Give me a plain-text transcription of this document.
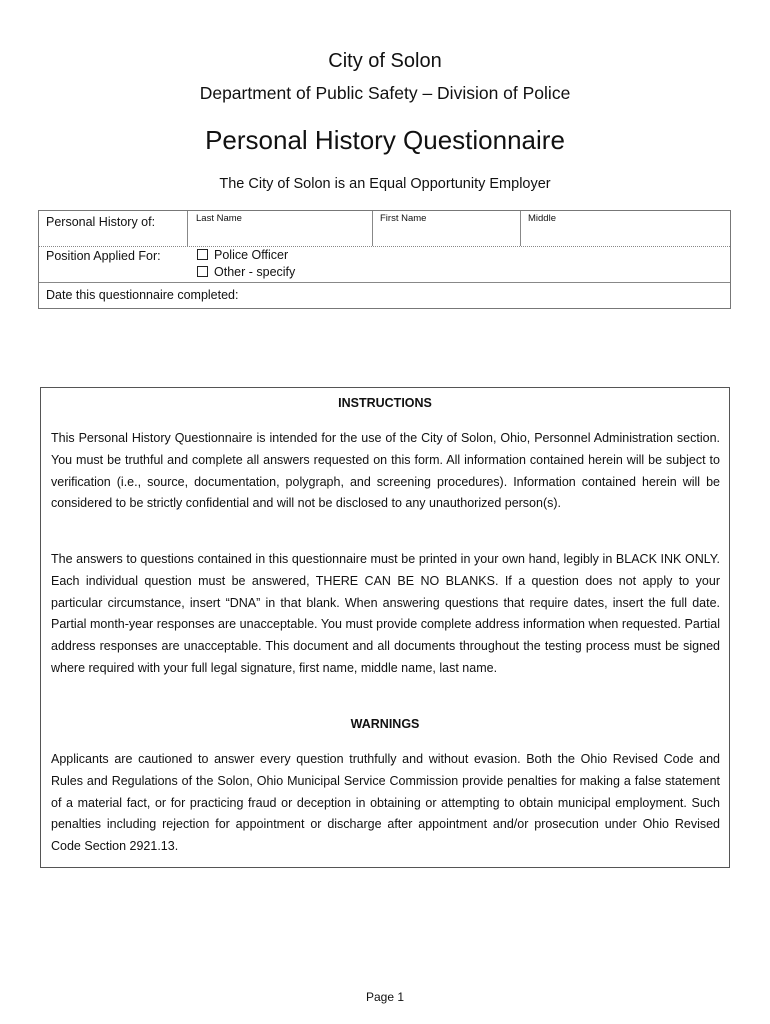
City of Solon
Department of Public Safety – Division of Police
Personal History Questionnaire
The City of Solon is an Equal Opportunity Employer
Personal History of:	Last Name	First Name	Middle
Position Applied For:	Police Officer
Other - specify
Date this questionnaire completed:
INSTRUCTIONS

This Personal History Questionnaire is intended for the use of the City of Solon, Ohio, Personnel Administration section. You must be truthful and complete all answers requested on this form. All information contained herein will be subject to verification (i.e., source, documentation, polygraph, and screening procedures). Information contained herein will be considered to be strictly confidential and will not be disclosed to any unauthorized person(s).

The answers to questions contained in this questionnaire must be printed in your own hand, legibly in BLACK INK ONLY. Each individual question must be answered, THERE CAN BE NO BLANKS. If a question does not apply to your particular circumstance, insert “DNA” in that blank. When answering questions that require dates, insert the full date. Partial month-year responses are unacceptable. You must provide complete address information when requested. Partial address responses are unacceptable. This document and all documents throughout the testing process must be signed where required with your full legal signature, first name, middle name, last name.

WARNINGS

Applicants are cautioned to answer every question truthfully and without evasion. Both the Ohio Revised Code and Rules and Regulations of the Solon, Ohio Municipal Service Commission provide penalties for making a false statement of a material fact, or for practicing fraud or deception in obtaining or attempting to obtain municipal employment. Such penalties including rejection for appointment or discharge after appointment and/or prosecution under Ohio Revised Code Section 2921.13.

Page 1
